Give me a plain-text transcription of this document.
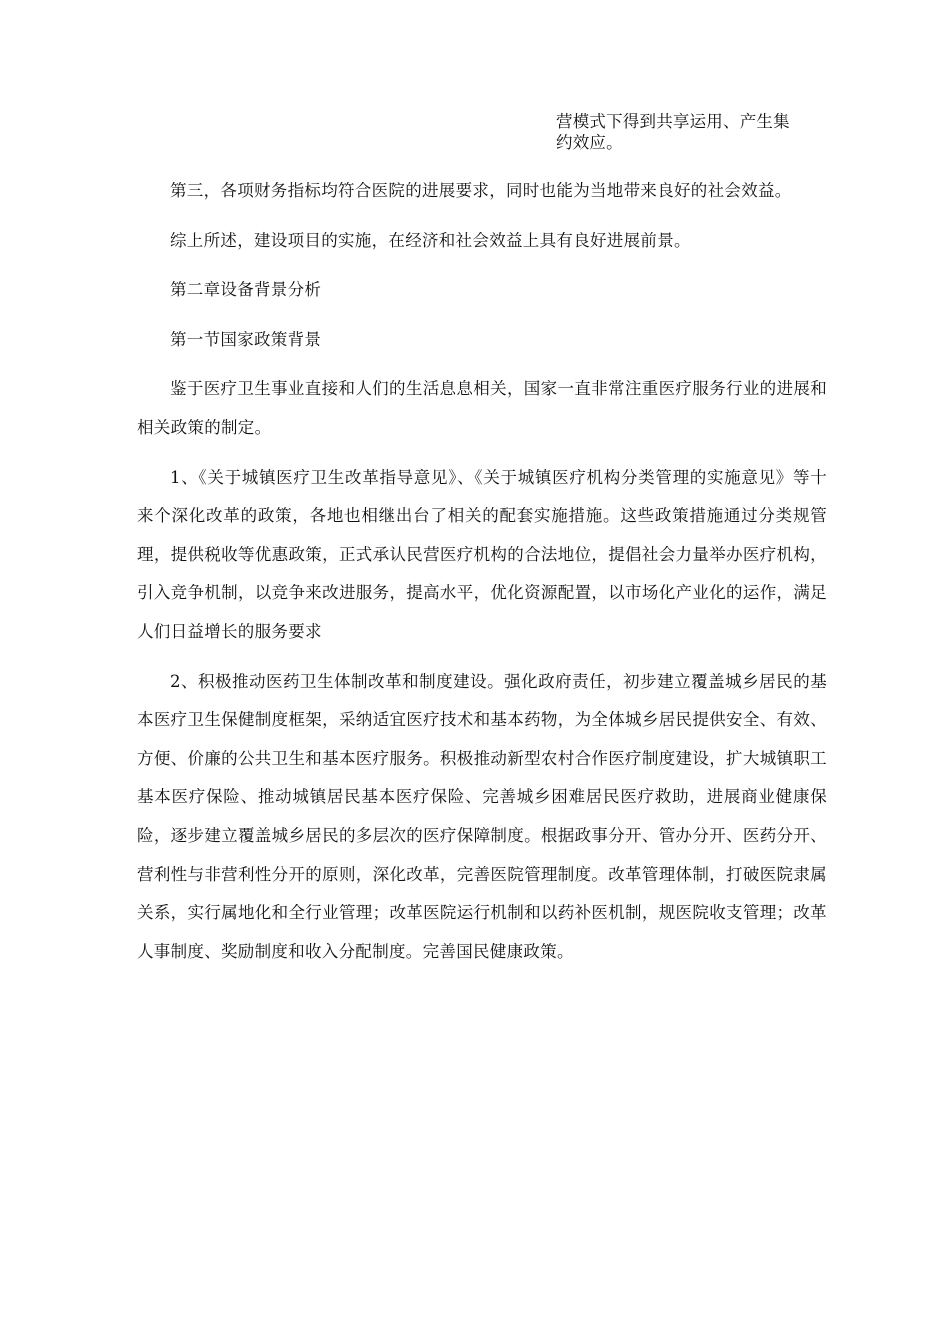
营模式下得到共享运用、产生集
约效应。

第三，各项财务指标均符合医院的进展要求，同时也能为当地带来良好的社会效益。

综上所述，建设项目的实施，在经济和社会效益上具有良好进展前景。

第二章设备背景分析

第一节国家政策背景

鉴于医疗卫生事业直接和人们的生活息息相关，国家一直非常注重医疗服务行业的进展和相关政策的制定。

1、《关于城镇医疗卫生改革指导意见》、《关于城镇医疗机构分类管理的实施意见》等十来个深化改革的政策，各地也相继出台了相关的配套实施措施。这些政策措施通过分类规管理，提供税收等优惠政策，正式承认民营医疗机构的合法地位，提倡社会力量举办医疗机构，引入竞争机制，以竞争来改进服务，提高水平，优化资源配置，以市场化产业化的运作，满足人们日益增长的服务要求

2、积极推动医药卫生体制改革和制度建设。强化政府责任，初步建立覆盖城乡居民的基本医疗卫生保健制度框架，采纳适宜医疗技术和基本药物，为全体城乡居民提供安全、有效、方便、价廉的公共卫生和基本医疗服务。积极推动新型农村合作医疗制度建设，扩大城镇职工基本医疗保险、推动城镇居民基本医疗保险、完善城乡困难居民医疗救助，进展商业健康保险，逐步建立覆盖城乡居民的多层次的医疗保障制度。根据政事分开、管办分开、医药分开、营利性与非营利性分开的原则，深化改革，完善医院管理制度。改革管理体制，打破医院隶属关系，实行属地化和全行业管理；改革医院运行机制和以药补医机制，规医院收支管理；改革人事制度、奖励制度和收入分配制度。完善国民健康政策。
